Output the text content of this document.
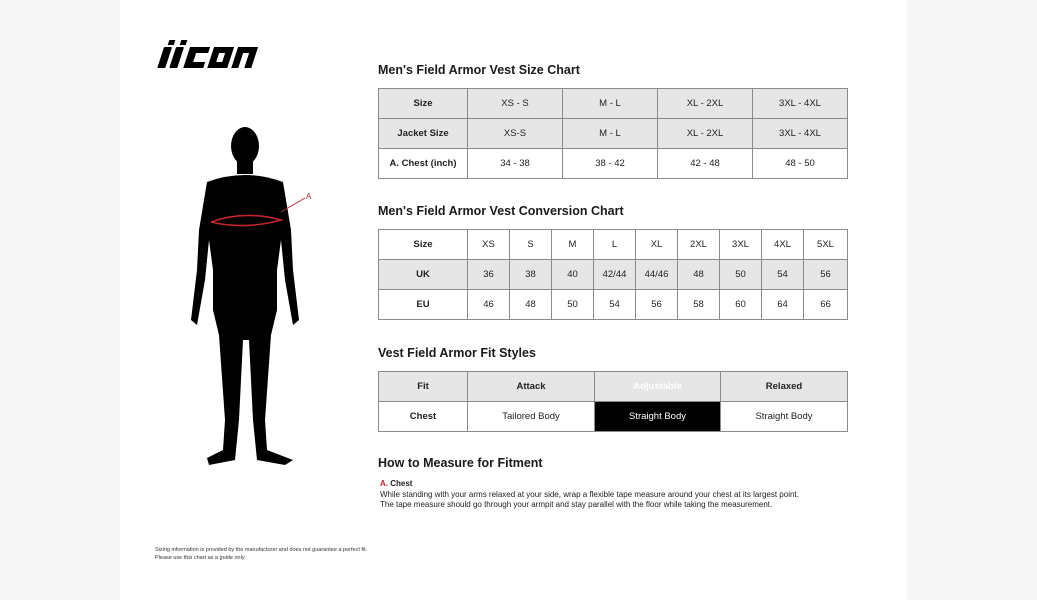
A
Men's Field Armor Vest Size Chart
Size	XS - S	M - L	XL - 2XL	3XL - 4XL
Jacket Size	XS-S	M - L	XL - 2XL	3XL - 4XL
A. Chest (inch)	34 - 38	38 - 42	42 - 48	48 - 50
Men's Field Armor Vest Conversion Chart
Size	XS	S	M	L	XL	2XL	3XL	4XL	5XL
UK	36	38	40	42/44	44/46	48	50	54	56
EU	46	48	50	54	56	58	60	64	66
Vest Field Armor Fit Styles
Fit	Attack	Adjustable	Relaxed
Chest	Tailored Body	Straight Body	Straight Body
How to Measure for Fitment
A. Chest
While standing with your arms relaxed at your side, wrap a flexible tape measure around your chest at its largest point.
The tape measure should go through your armpit and stay parallel with the floor while taking the measurement.
Sizing information is provided by the manufacturer and does not guarantee a perfect fit.
Please use this chart as a guide only
